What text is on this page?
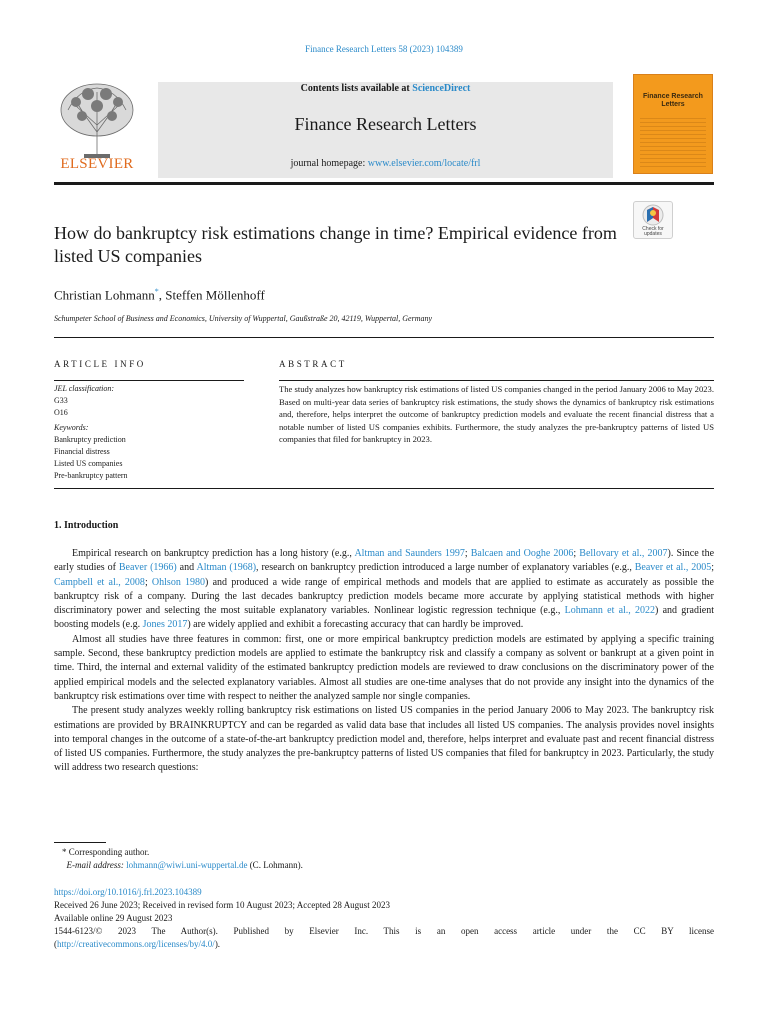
Finance Research Letters 58 (2023) 104389
ELSEVIER
Contents lists available at ScienceDirect
Finance Research Letters
journal homepage: www.elsevier.com/locate/frl
Finance Research Letters
Check for updates
How do bankruptcy risk estimations change in time? Empirical evidence from listed US companies
Christian Lohmann*, Steffen Möllenhoff
Schumpeter School of Business and Economics, University of Wuppertal, Gaußstraße 20, 42119, Wuppertal, Germany
ARTICLE INFO	ABSTRACT
JEL classification:
G33
O16
Keywords:
Bankruptcy prediction
Financial distress
Listed US companies
Pre-bankruptcy pattern
The study analyzes how bankruptcy risk estimations of listed US companies changed in the period January 2006 to May 2023. Based on multi-year data series of bankruptcy risk estimations, the study shows the dynamics of bankruptcy risk estimations and, therefore, helps interpret the outcome of bankruptcy prediction models and evaluate the recent financial distress that a notable number of listed US companies exhibits. Furthermore, the study analyzes the pre-bankruptcy patterns of listed US companies that filed for bankruptcy in 2023.
1. Introduction

Empirical research on bankruptcy prediction has a long history (e.g., Altman and Saunders 1997; Balcaen and Ooghe 2006; Bellovary et al., 2007). Since the early studies of Beaver (1966) and Altman (1968), research on bankruptcy prediction introduced a large number of explanatory variables (e.g., Beaver et al., 2005; Campbell et al., 2008; Ohlson 1980) and produced a wide range of empirical methods and models that are applied to estimate as accurately as possible the bankruptcy risk of a company. During the last decades bankruptcy prediction models became more accurate by applying statistical methods with higher discriminatory power and selecting the most suitable explanatory variables. Nonlinear logistic regression technique (e.g., Lohmann et al., 2022) and gradient boosting models (e.g. Jones 2017) are widely applied and exhibit a forecasting accuracy that can hardly be improved.

Almost all studies have three features in common: first, one or more empirical bankruptcy prediction models are estimated by applying a specific training sample. Second, these bankruptcy prediction models are applied to estimate the bankruptcy risk and classify a company as solvent or bankrupt at a given point in time. Third, the internal and external validity of the estimated bankruptcy prediction models are reviewed to draw conclusions on the discriminatory power of the applied empirical models and the selected explanatory variables. Almost all studies are one-time analyses that do not provide any insight into the dynamics of the bankruptcy risk estimations over time with respect to neither the analyzed sample nor single companies.

The present study analyzes weekly rolling bankruptcy risk estimations on listed US companies in the period January 2006 to May 2023. The bankruptcy risk estimations are provided by BRAINKRUPTCY and can be regarded as valid data base that includes all listed US companies. The analysis provides novel insights into temporal changes in the outcome of a state-of-the-art bankruptcy prediction model and, therefore, helps interpret and evaluate past and recent financial distress of listed US companies. Furthermore, the study analyzes the pre-bankruptcy patterns of listed US companies that filed for bankruptcy in 2023. Particularly, the study will address two research questions:

* Corresponding author.
E-mail address: lohmann@wiwi.uni-wuppertal.de (C. Lohmann).
https://doi.org/10.1016/j.frl.2023.104389
Received 26 June 2023; Received in revised form 10 August 2023; Accepted 28 August 2023
Available online 29 August 2023
1544-6123/© 2023 The Author(s). Published by Elsevier Inc. This is an open access article under the CC BY license
(http://creativecommons.org/licenses/by/4.0/).
